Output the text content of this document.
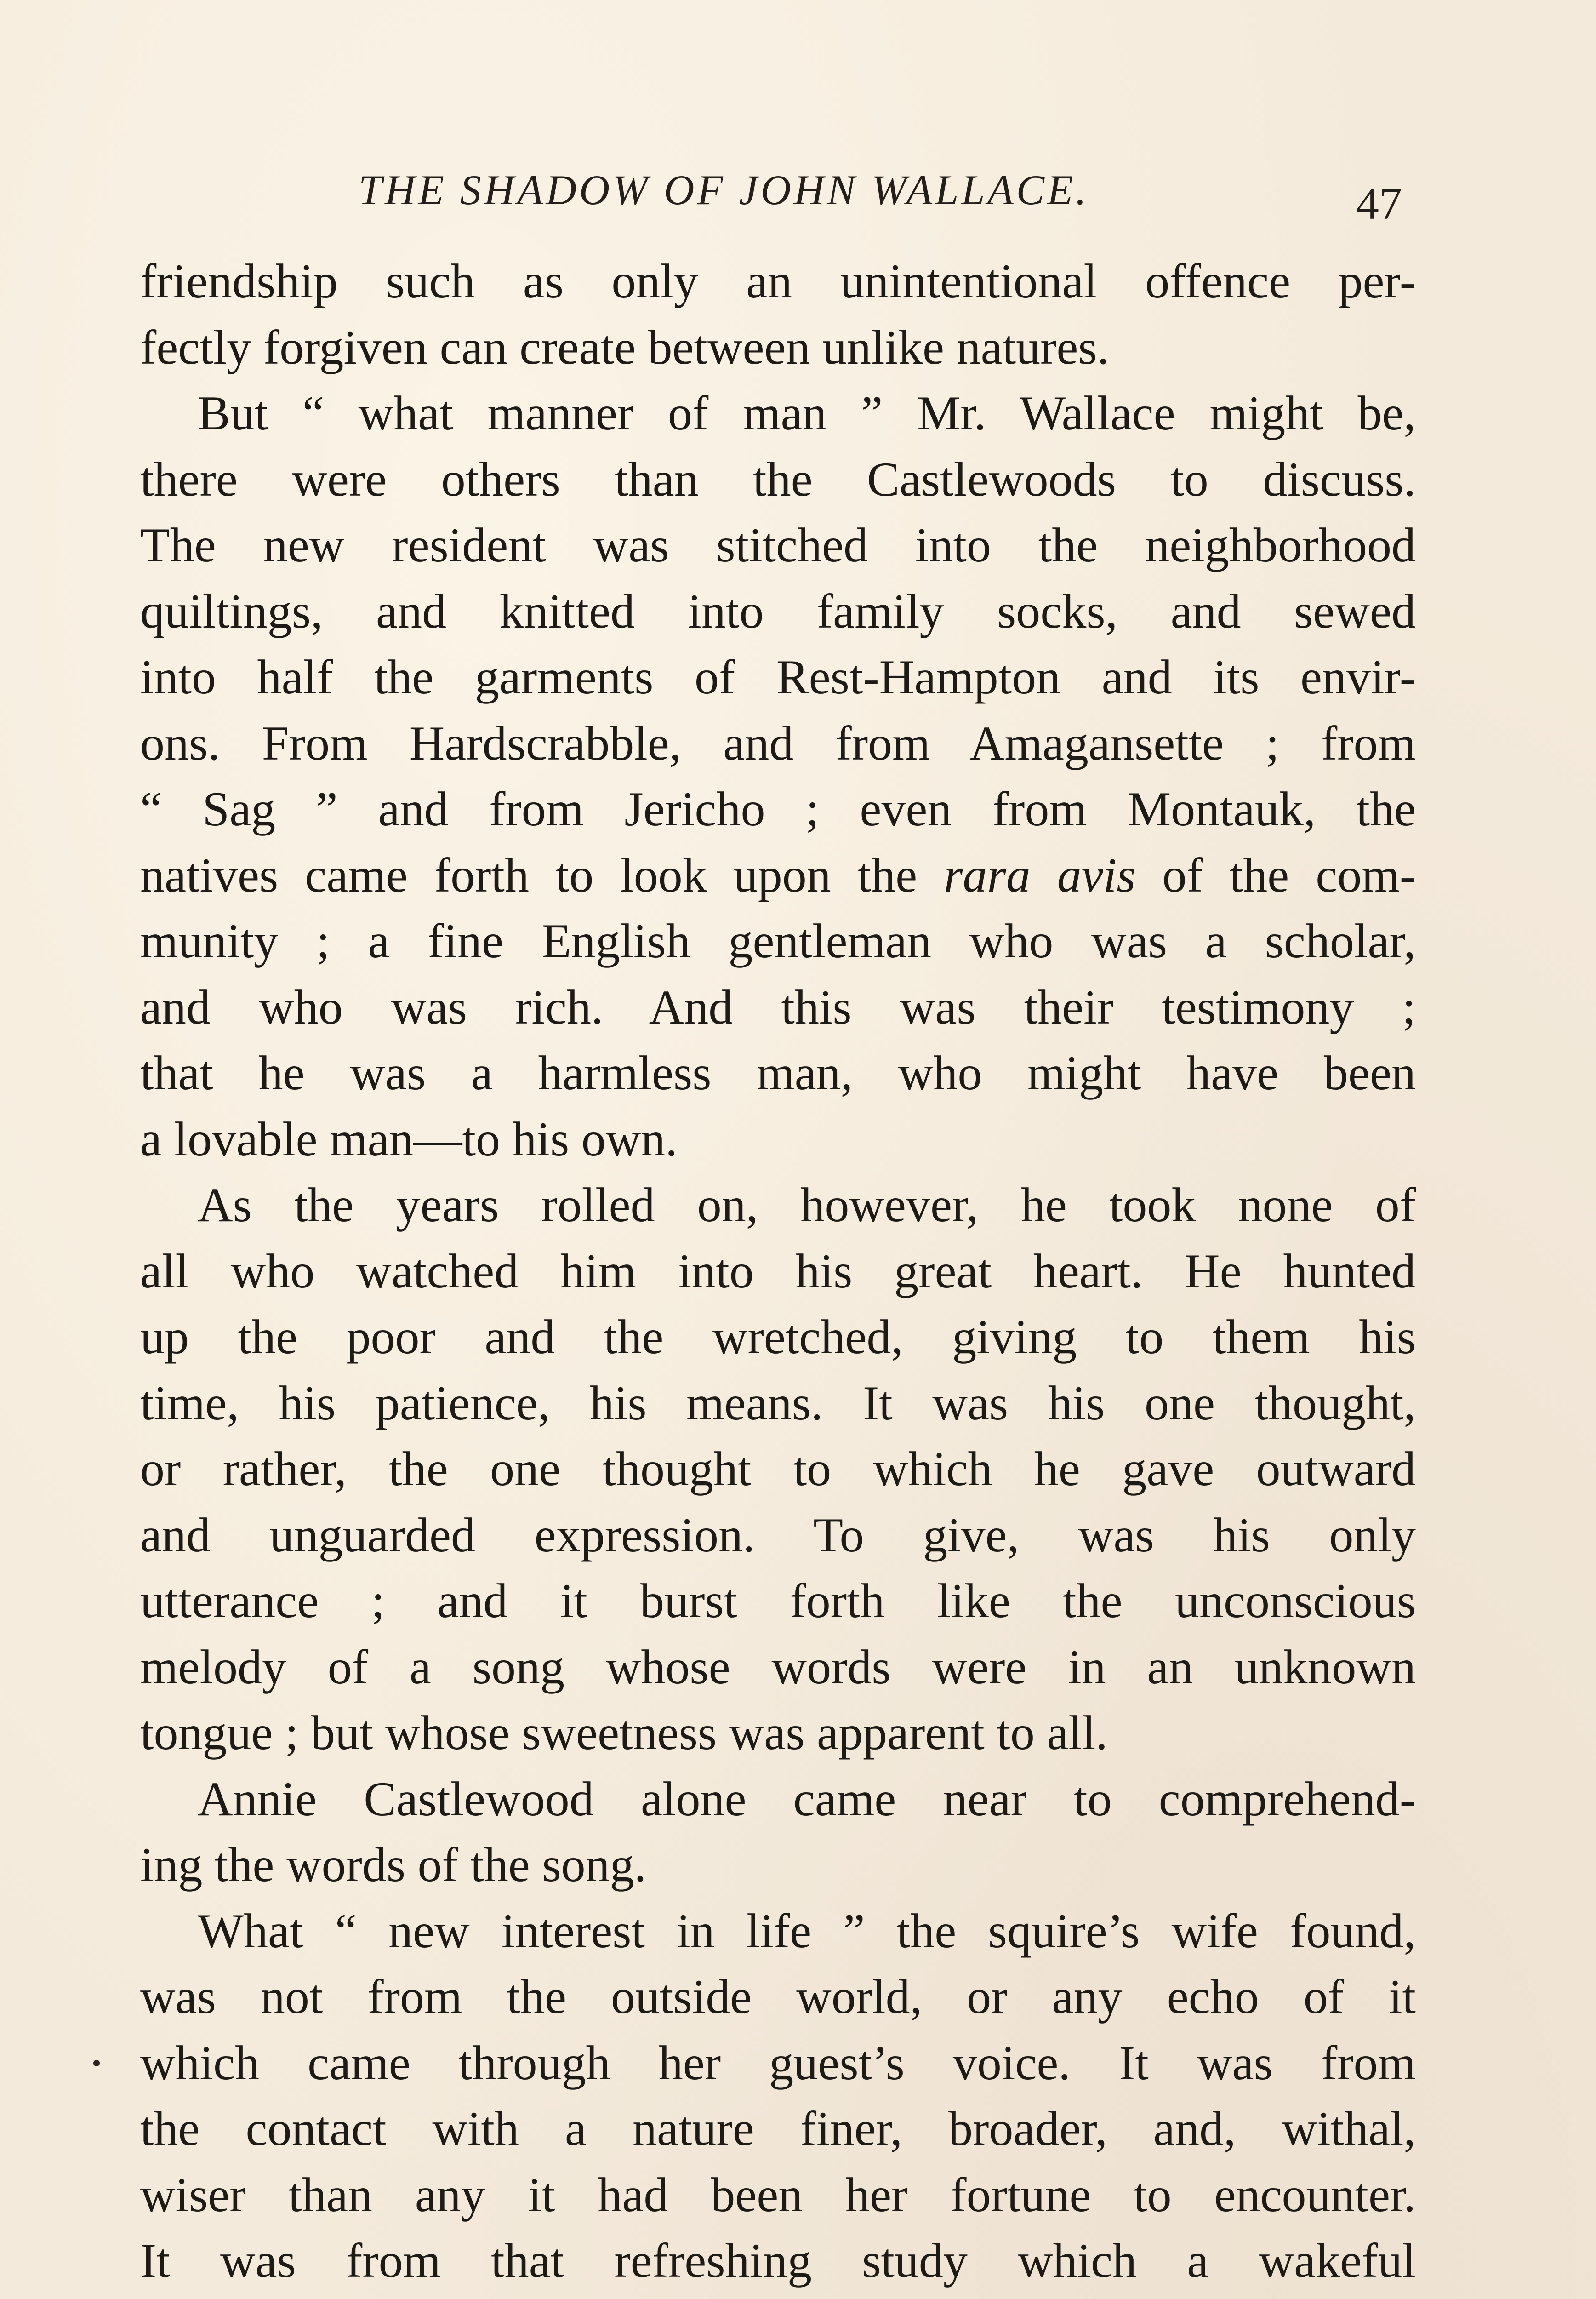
THE SHADOW OF JOHN WALLACE.	47
friendship such as only an unintentional offence per-
fectly forgiven can create between unlike natures.
But “ what manner of man ” Mr. Wallace might be,
there were others than the Castlewoods to discuss.
The new resident was stitched into the neighborhood
quiltings, and knitted into family socks, and sewed
into half the garments of Rest-Hampton and its envir-
ons. From Hardscrabble, and from Amagansette ; from
“ Sag ” and from Jericho ; even from Montauk, the
natives came forth to look upon the rara avis of the com-
munity ; a fine English gentleman who was a scholar,
and who was rich. And this was their testimony ;
that he was a harmless man, who might have been
a lovable man—to his own.
As the years rolled on, however, he took none of
all who watched him into his great heart. He hunted
up the poor and the wretched, giving to them his
time, his patience, his means. It was his one thought,
or rather, the one thought to which he gave outward
and unguarded expression. To give, was his only
utterance ; and it burst forth like the unconscious
melody of a song whose words were in an unknown
tongue ; but whose sweetness was apparent to all.
Annie Castlewood alone came near to comprehend-
ing the words of the song.
What “ new interest in life ” the squire’s wife found,
was not from the outside world, or any echo of it
which came through her guest’s voice. It was from
the contact with a nature finer, broader, and, withal,
wiser than any it had been her fortune to encounter.
It was from that refreshing study which a wakeful
